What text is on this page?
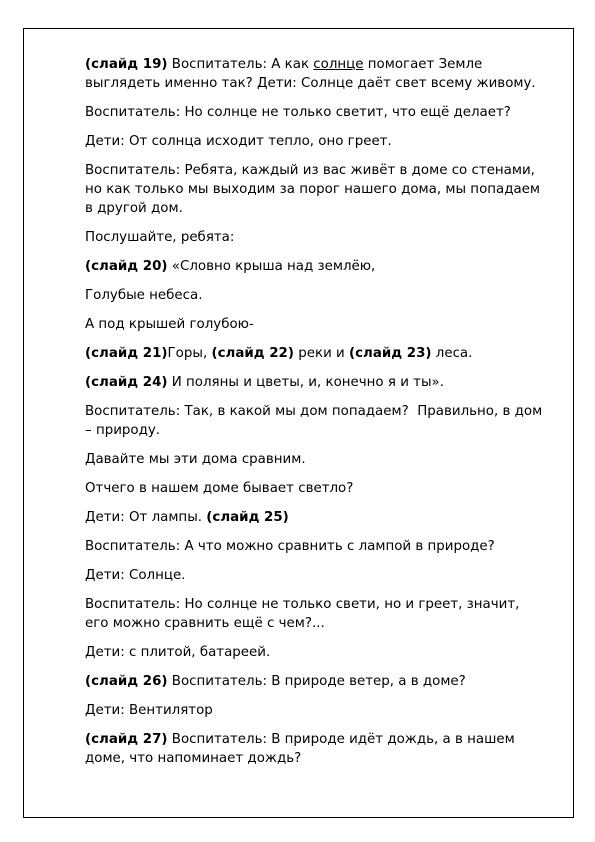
(слайд 19) Воспитатель: А как солнце помогает Земле выглядеть именно так? Дети: Солнце даёт свет всему живому.

Воспитатель: Но солнце не только светит, что ещё делает?

Дети: От солнца исходит тепло, оно греет.

Воспитатель: Ребята, каждый из вас живёт в доме со стенами, но как только мы выходим за порог нашего дома, мы попадаем в другой дом.

Послушайте, ребята:

(слайд 20) «Словно крыша над землёю,

Голубые небеса.

А под крышей голубою-

(слайд 21)Горы, (слайд 22) реки и (слайд 23) леса.

(слайд 24) И поляны и цветы, и, конечно я и ты».

Воспитатель: Так, в какой мы дом попадаем?  Правильно, в дом – природу.

Давайте мы эти дома сравним.

Отчего в нашем доме бывает светло?

Дети: От лампы. (слайд 25)

Воспитатель: А что можно сравнить с лампой в природе?

Дети: Солнце.

Воспитатель: Но солнце не только свети, но и греет, значит, его можно сравнить ещё с чем?...

Дети: с плитой, батареей.

(слайд 26) Воспитатель: В природе ветер, а в доме?

Дети: Вентилятор

(слайд 27) Воспитатель: В природе идёт дождь, а в нашем доме, что напоминает дождь?
